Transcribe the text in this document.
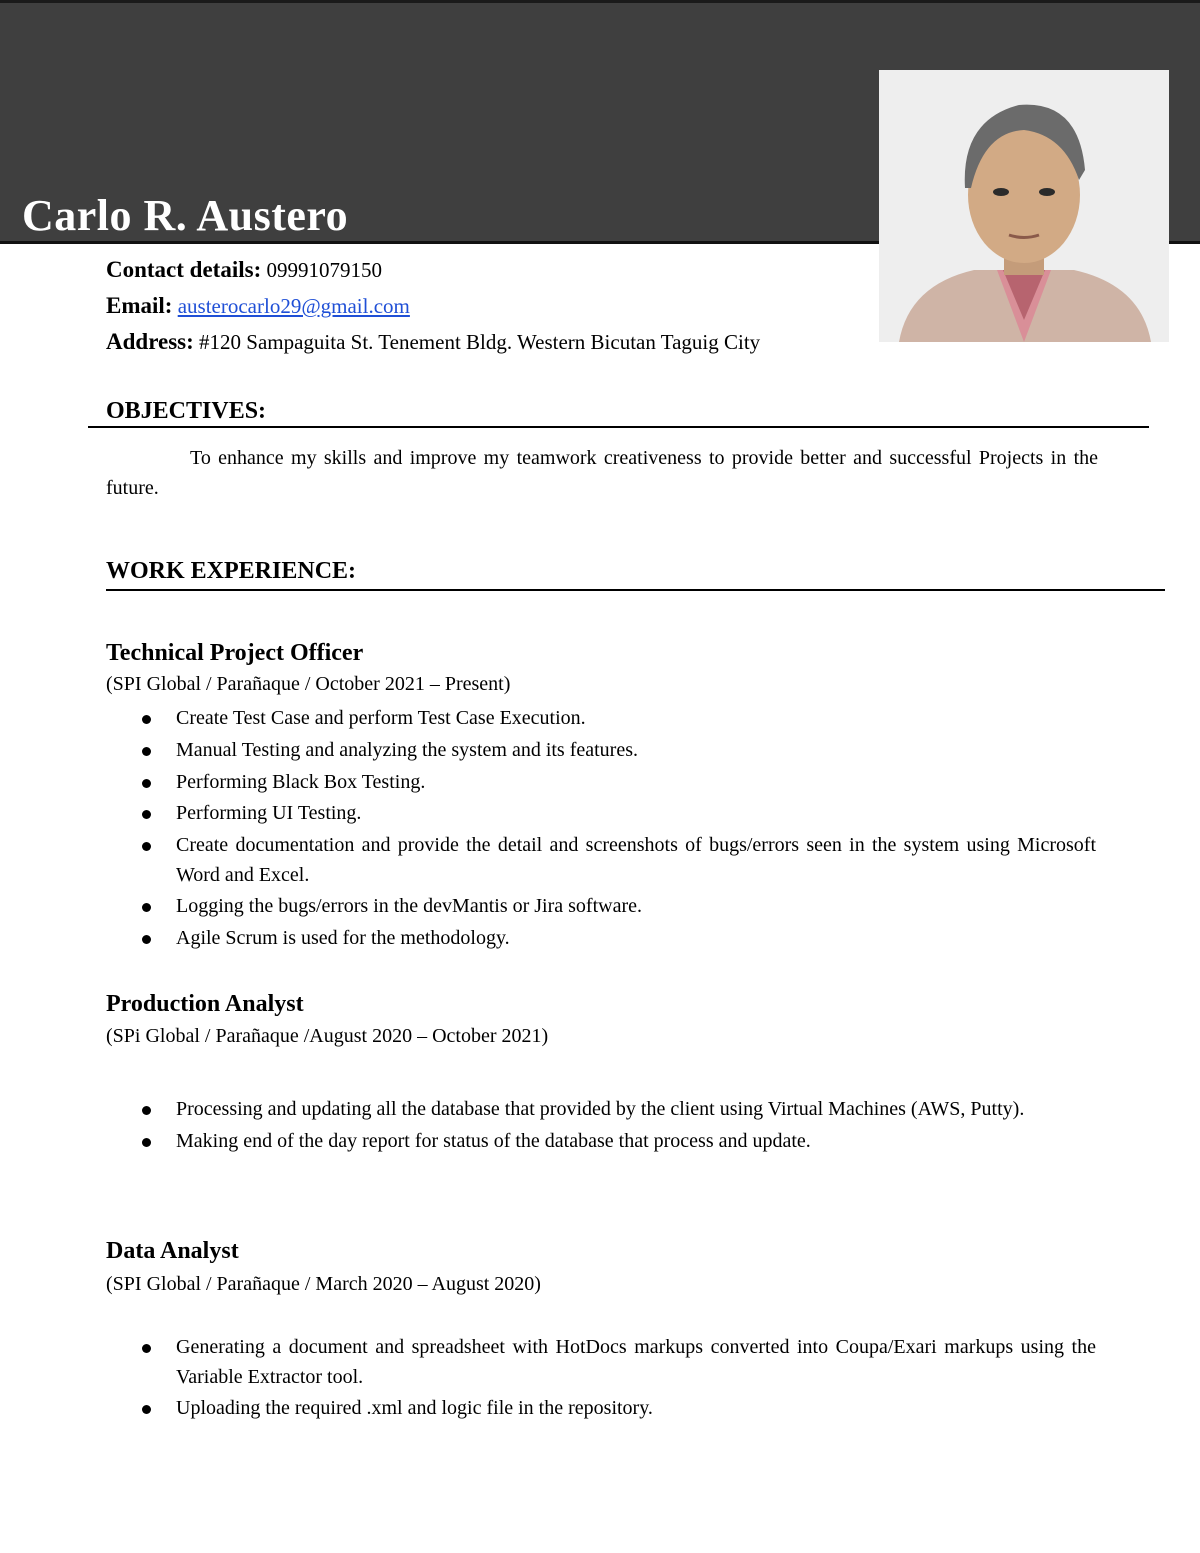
Carlo R. Austero
Contact details: 09991079150
Email: austerocarlo29@gmail.com
Address: #120 Sampaguita St. Tenement Bldg. Western Bicutan Taguig City
OBJECTIVES:
To enhance my skills and improve my teamwork creativeness to provide better and successful Projects in the future.
WORK EXPERIENCE:
Technical Project Officer
(SPI Global / Parañaque / October 2021 – Present)
Create Test Case and perform Test Case Execution.
Manual Testing and analyzing the system and its features.
Performing Black Box Testing.
Performing UI Testing.
Create documentation and provide the detail and screenshots of bugs/errors seen in the system using Microsoft Word and Excel.
Logging the bugs/errors in the devMantis or Jira software.
Agile Scrum is used for the methodology.
Production Analyst
(SPi Global / Parañaque /August 2020 – October 2021)
Processing and updating all the database that provided by the client using Virtual Machines (AWS, Putty).
Making end of the day report for status of the database that process and update.
Data Analyst
(SPI Global / Parañaque / March 2020 – August 2020)
Generating a document and spreadsheet with HotDocs markups converted into Coupa/Exari markups using the Variable Extractor tool.
Uploading the required .xml and logic file in the repository.
